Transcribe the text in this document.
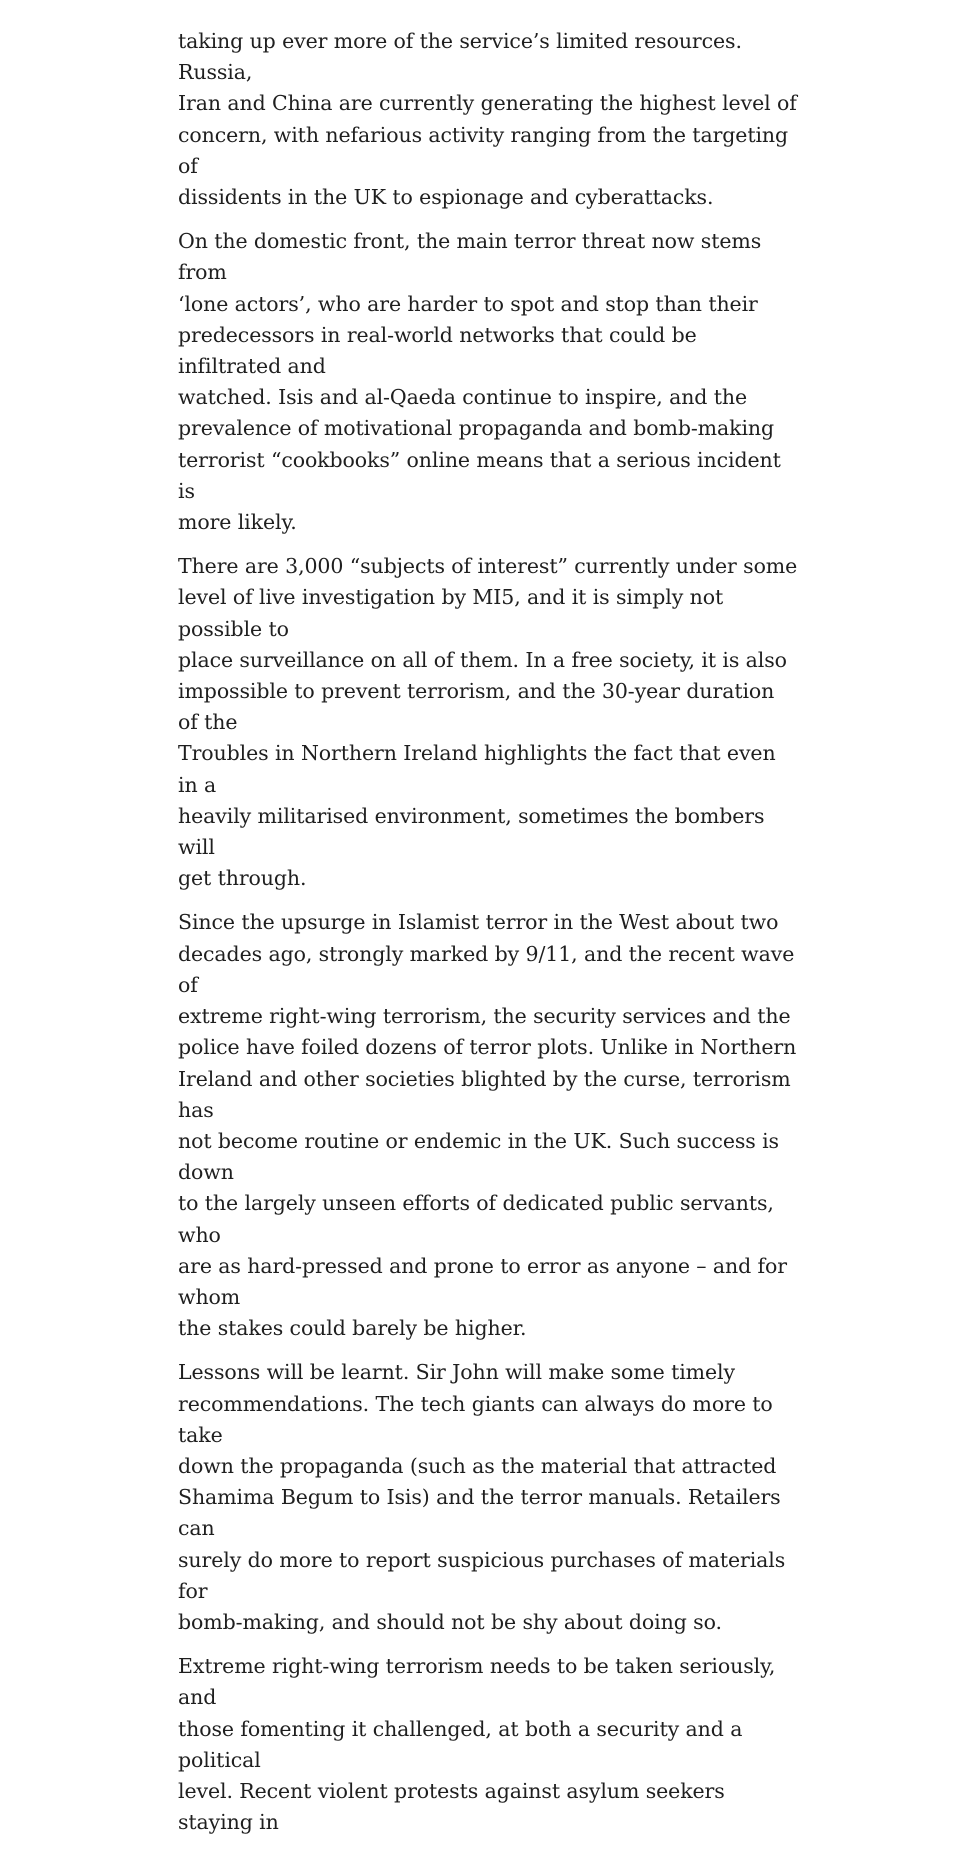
taking up ever more of the service’s limited resources. Russia,
Iran and China are currently generating the highest level of
concern, with nefarious activity ranging from the targeting of
dissidents in the UK to espionage and cyberattacks.

On the domestic front, the main terror threat now stems from
‘lone actors’, who are harder to spot and stop than their
predecessors in real-world networks that could be infiltrated and
watched. Isis and al-Qaeda continue to inspire, and the
prevalence of motivational propaganda and bomb-making
terrorist “cookbooks” online means that a serious incident is
more likely.

There are 3,000 “subjects of interest” currently under some
level of live investigation by MI5, and it is simply not possible to
place surveillance on all of them. In a free society, it is also
impossible to prevent terrorism, and the 30-year duration of the
Troubles in Northern Ireland highlights the fact that even in a
heavily militarised environment, sometimes the bombers will
get through.

Since the upsurge in Islamist terror in the West about two
decades ago, strongly marked by 9/11, and the recent wave of
extreme right-wing terrorism, the security services and the
police have foiled dozens of terror plots. Unlike in Northern
Ireland and other societies blighted by the curse, terrorism has
not become routine or endemic in the UK. Such success is down
to the largely unseen efforts of dedicated public servants, who
are as hard-pressed and prone to error as anyone – and for whom
the stakes could barely be higher.

Lessons will be learnt. Sir John will make some timely
recommendations. The tech giants can always do more to take
down the propaganda (such as the material that attracted
Shamima Begum to Isis) and the terror manuals. Retailers can
surely do more to report suspicious purchases of materials for
bomb-making, and should not be shy about doing so.

Extreme right-wing terrorism needs to be taken seriously, and
those fomenting it challenged, at both a security and a political
level. Recent violent protests against asylum seekers staying in
